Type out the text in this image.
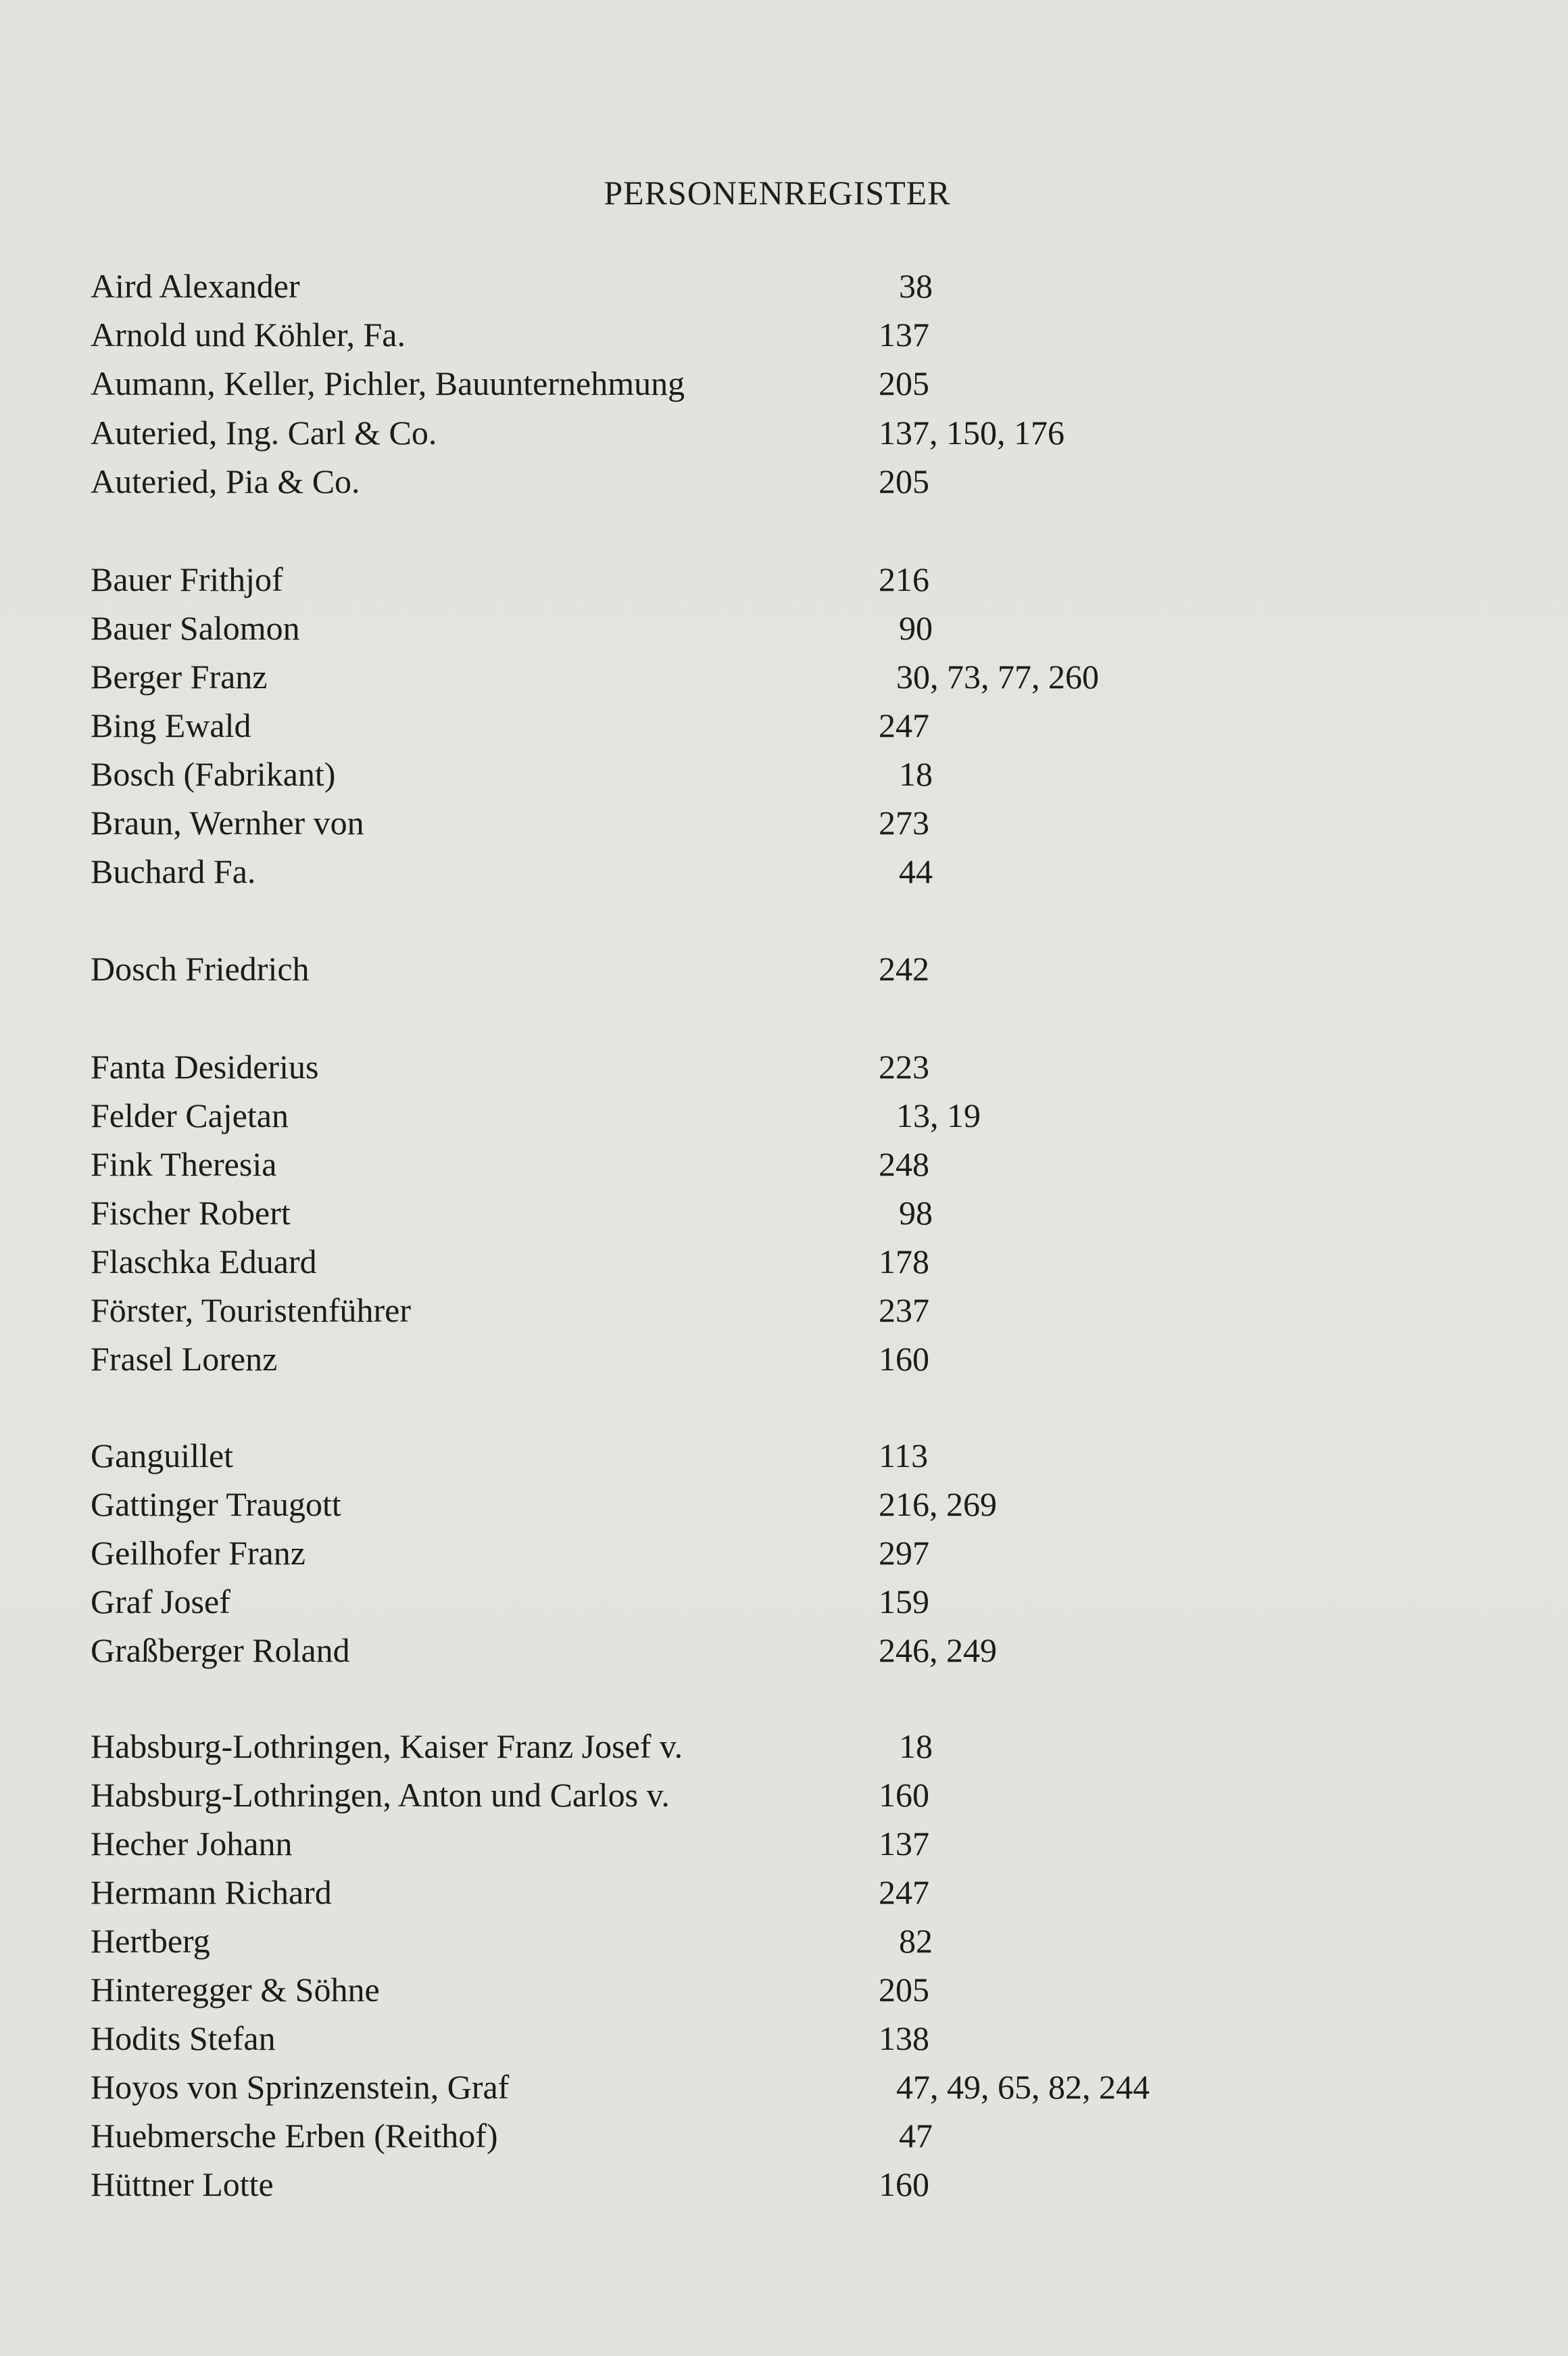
PERSONENREGISTER
Aird Alexander	38
Arnold und Köhler, Fa.	137
Aumann, Keller, Pichler, Bauunternehmung	205
Auteried, Ing. Carl & Co.	137, 150, 176
Auteried, Pia & Co.	205
Bauer Frithjof	216
Bauer Salomon	90
Berger Franz	30, 73, 77, 260
Bing Ewald	247
Bosch (Fabrikant)	18
Braun, Wernher von	273
Buchard Fa.	44
Dosch Friedrich	242
Fanta Desiderius	223
Felder Cajetan	13, 19
Fink Theresia	248
Fischer Robert	98
Flaschka Eduard	178
Förster, Touristenführer	237
Frasel Lorenz	160
Ganguillet	113
Gattinger Traugott	216, 269
Geilhofer Franz	297
Graf Josef	159
Graßberger Roland	246, 249
Habsburg-Lothringen, Kaiser Franz Josef v.	18
Habsburg-Lothringen, Anton und Carlos v.	160
Hecher Johann	137
Hermann Richard	247
Hertberg	82
Hinteregger & Söhne	205
Hodits Stefan	138
Hoyos von Sprinzenstein, Graf	47, 49, 65, 82, 244
Huebmersche Erben (Reithof)	47
Hüttner Lotte	160
